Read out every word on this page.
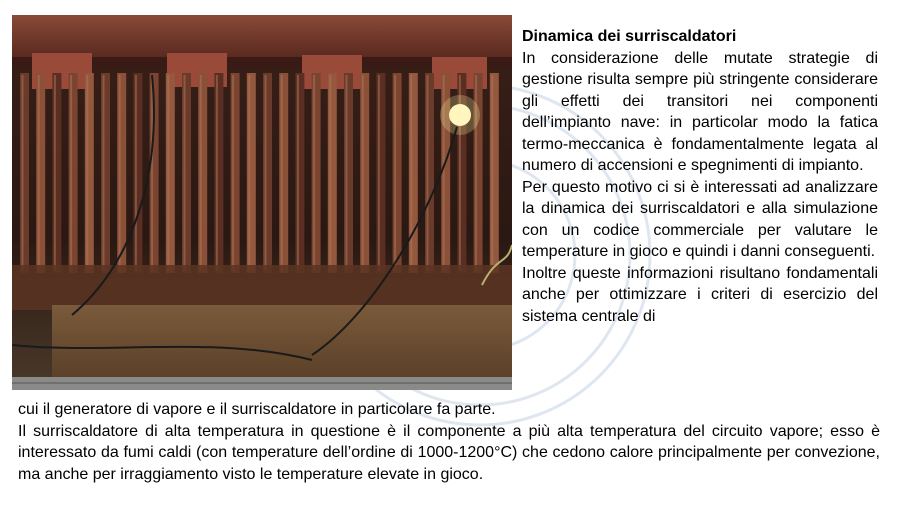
Dinamica dei surriscaldatori

In considerazione delle mutate strategie di gestione risulta sempre più stringente considerare gli effetti dei transitori nei componenti dell’impianto nave: in particolar modo la fatica termo-meccanica è fondamentalmente legata al numero di accensioni e spegnimenti di impianto.

Per questo motivo ci si è interessati ad analizzare la dinamica dei surriscaldatori e alla simulazione con un codice commerciale per valutare le temperature in gioco e quindi i danni conseguenti.

Inoltre queste informazioni risultano fondamentali anche per ottimizzare i criteri di esercizio del sistema centrale di

cui il generatore di vapore e il surriscaldatore in particolare fa parte.

Il surriscaldatore di alta temperatura in questione è il componente a più alta temperatura del circuito vapore; esso è interessato da fumi caldi (con temperature dell’ordine di 1000-1200°C) che cedono calore principalmente per convezione, ma anche per irraggiamento visto le temperature elevate in gioco.
